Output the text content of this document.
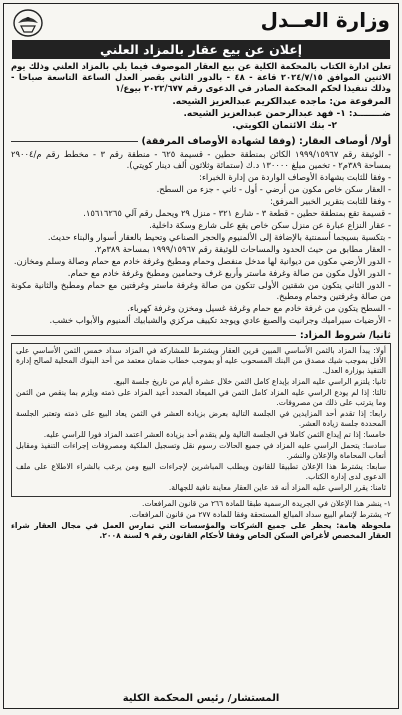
وزارة العــدل
إعلان عن بيع عقار بالمزاد العلني

تعلن ادارة الكتاب بالمحكمة الكلية عن بيع العقار الموصوف فيما يلي بالمزاد العلني وذلك يوم الاثنين الموافق ٢٠٢٤/٧/١٥ قاعة - ٤٨ - بالدور الثاني بقصر العدل الساعة التاسعة صباحا - وذلك تنفيذا لحكم المحكمة الصادر في الدعوى رقم ٢٠٢٢/٦٧٧ بيوع/١

المرفوعة من: ماجده عبدالكريم عبدالعزيز الشيحه.
ضــــــــد: ١- فهد عبدالرحمن عبدالعزيز الشيحه.
٢- بنك الائتمان الكويتي.
أولا/ أوصاف العقار: (وفقا لشهادة الأوصاف المرفقة)

- الوثيقة رقم ١٩٩٩/١٥٩٦٧ الكائن بمنطقة حطين - قسيمة ٦٢٥ - منطقة رقم ٣ - مخطط رقم م/٢٩٠٠٤ بمساحة ٣٨٩م٢ - تخمين مبلغ ١٣٠٠٠٠ د.ك (ستمائة وثلاثون ألف دينار كويتي).

- وفقا للثابت بشهادة الأوصاف الواردة من إدارة الخبراء:

- العقار سكن خاص مكون من أرضي - أول - ثاني - جزء من السطح.

- وفقا للثابت بتقرير الخبير المرفق:

- قسيمة تقع بمنطقة حطين - قطعة ٣ - شارع ٣٢١ - منزل ٢٩ ويحمل رقم آلي ١٥٦١٦٢٦٥.

- عقار النزاع عبارة عن منزل سكن خاص يقع على شارع وسكة داخلية.

- بتكسية بسيجما أسمنتية بالإضافة إلى الألمنيوم والحجر الصناعي وتحيط بالعقار أسوار والبناء حديث.

- العقار مطابق من حيث الحدود والمساحات للوثيقة رقم ١٩٩٩/١٥٩٦٧ بمساحة ٣٨٩م٢.

- الدور الأرضي مكون من ديوانية لها مدخل منفصل وحمام ومطبخ وغرفة خادم مع حمام وصالة وسلم ومخازن.

- الدور الأول مكون من صالة وغرفة ماستر وأربع غرف وحمامين ومطبخ وغرفة خادم مع حمام.

- الدور الثاني يتكون من شقتين الأولى تتكون من صالة وغرفة ماستر وغرفتين مع حمام ومطبخ والثانية مكونة من صالة وغرفتين وحمام ومطبخ.

- السطح يتكون من غرفة خادم مع حمام وغرفة غسيل ومخزن وغرفة كهرباء.

- الأرضيات سيراميك وجرانيت والصبغ عادي ويوجد تكييف مركزي والشبابيك ألمنيوم والأبواب خشب.

ثانيا/ شروط المزاد:

أولا: يبدأ المزاد بالثمن الأساسي المبين قرين العقار ويشترط للمشاركة في المزاد سداد خمس الثمن الأساسي على الأقل بموجب شيك مصدق من البنك المسحوب عليه أو بموجب خطاب ضمان معتمد من أحد البنوك المحلية لصالح إدارة التنفيذ بوزارة العدل.

ثانيا: يلتزم الراسي عليه المزاد بإيداع كامل الثمن خلال عشرة أيام من تاريخ جلسة البيع.

ثالثا: إذا لم يودع الراسي عليه المزاد كامل الثمن في الميعاد المحدد أعيد المزاد على ذمته ويلزم بما ينقص من الثمن وما يترتب على ذلك من مصروفات.

رابعا: إذا تقدم أحد المزايدين في الجلسة التالية بعرض بزيادة العشر في الثمن يعاد البيع على ذمته وتعتبر الجلسة المحددة جلسة زيادة العشر.

خامسا: إذا تم إيداع الثمن كاملا في الجلسة التالية ولم يتقدم أحد بزيادة العشر اعتمد المزاد فورا للراسي عليه.

سادسا: يتحمل الراسي عليه المزاد في جميع الحالات رسوم نقل وتسجيل الملكية ومصروفات إجراءات التنفيذ ومقابل أتعاب المحاماة والإعلان والنشر.

سابعا: يشترط هذا الإعلان تطبيقا للقانون ويطلب المباشرين لإجراءات البيع ومن يرغب بالشراء الاطلاع على ملف الدعوى لدى إدارة الكتاب.

ثامنا: يقرر الراسي عليه المزاد أنه قد عاين العقار معاينة نافية للجهالة.

١- ينشر هذا الإعلان في الجريدة الرسمية طبقا للمادة ٢٦٦ من قانون المرافعات.

٢- يشترط لإتمام البيع سداد المبالغ المستحقة وفقا للمادة ٢٧٧ من قانون المرافعات.

ملحوظة هامة: يحظر على جميع الشركات والمؤسسات التي تمارس العمل في مجال العقار شراء العقار المخصص لأغراض السكن الخاص وفقا لأحكام القانون رقم ٩ لسنة ٢٠٠٨.

المستشار/ رئيس المحكمة الكلية
